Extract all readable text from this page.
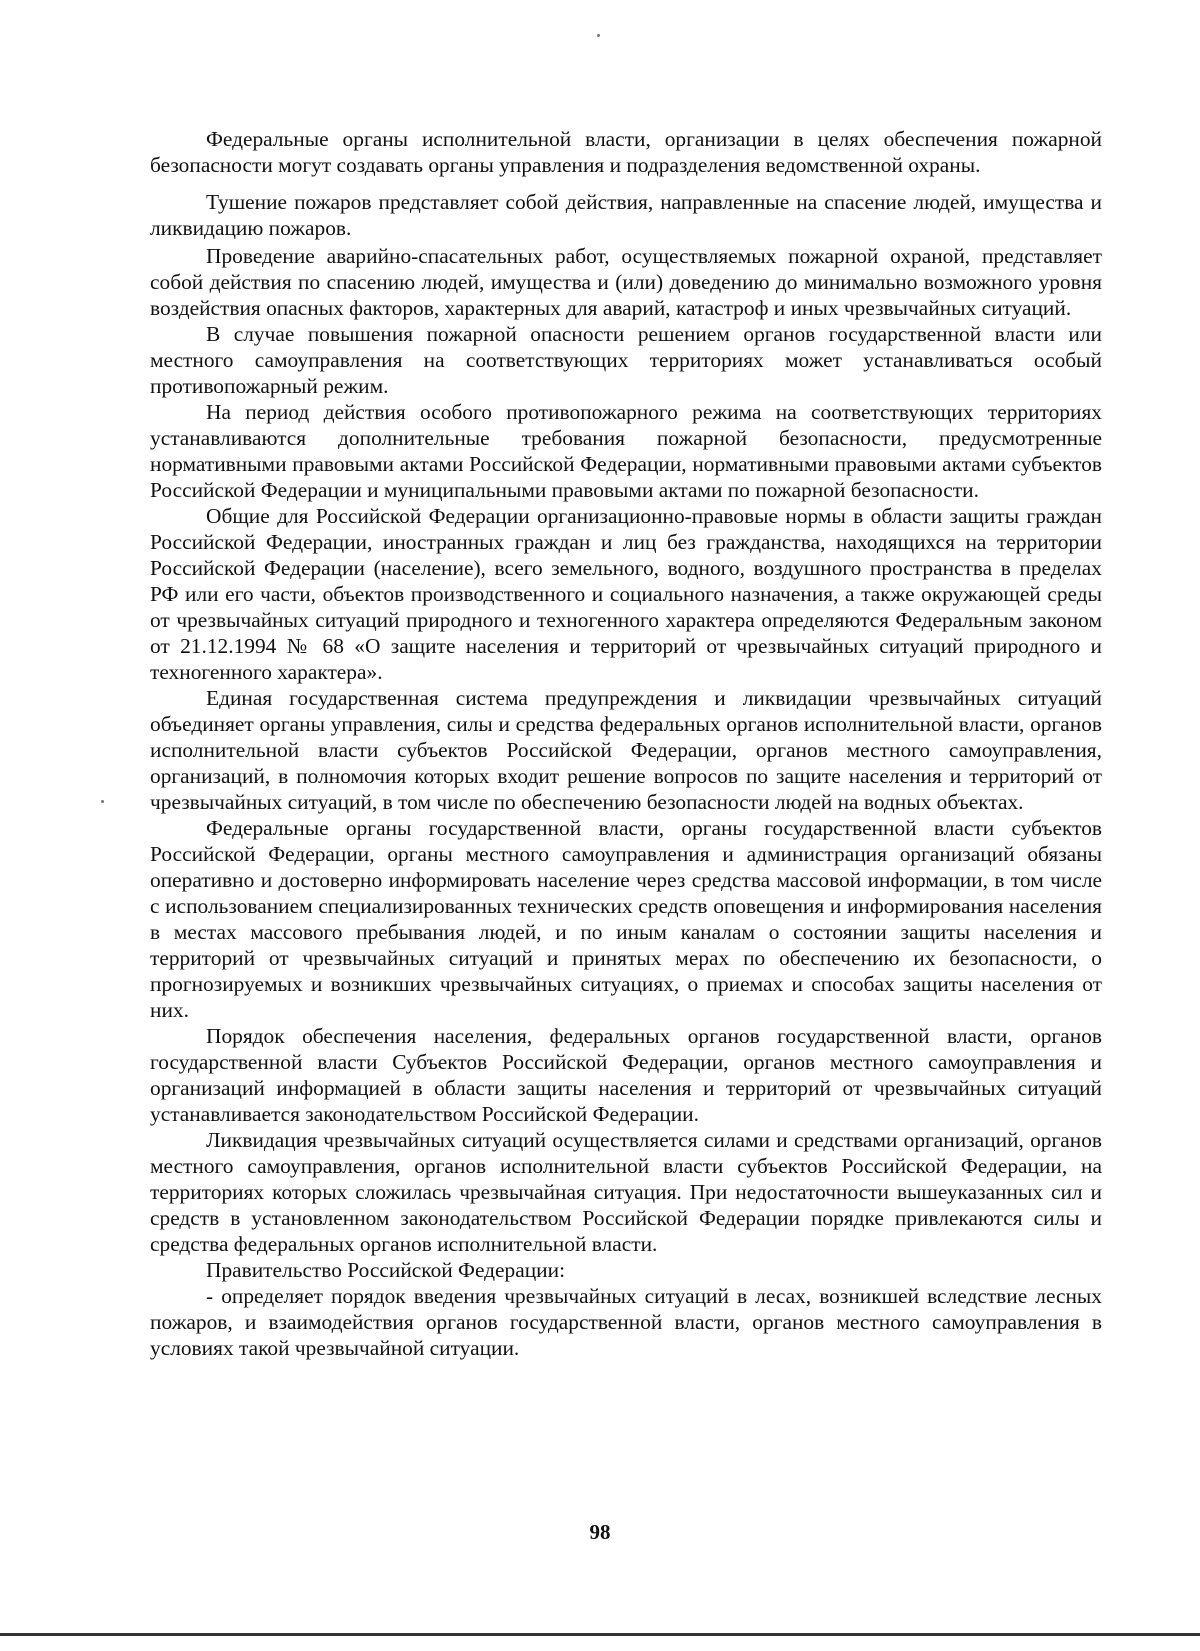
Федеральные органы исполнительной власти, организации в целях обеспечения пожарной безопасности могут создавать органы управления и подразделения ведомственной охраны.

Тушение пожаров представляет собой действия, направленные на спасение людей, имущества и ликвидацию пожаров.

Проведение аварийно-спасательных работ, осуществляемых пожарной охраной, представляет собой действия по спасению людей, имущества и (или) доведению до минимально возможного уровня воздействия опасных факторов, характерных для аварий, катастроф и иных чрезвычайных ситуаций.

В случае повышения пожарной опасности решением органов государственной власти или местного самоуправления на соответствующих территориях может устанавливаться особый противопожарный режим.

На период действия особого противопожарного режима на соответствующих территориях устанавливаются дополнительные требования пожарной безопасности, предусмотренные нормативными правовыми актами Российской Федерации, нормативными правовыми актами субъектов Российской Федерации и муниципальными правовыми актами по пожарной безопасности.

Общие для Российской Федерации организационно-правовые нормы в области защиты граждан Российской Федерации, иностранных граждан и лиц без гражданства, находящихся на территории Российской Федерации (население), всего земельного, водного, воздушного пространства в пределах РФ или его части, объектов производственного и социального назначения, а также окружающей среды от чрезвычайных ситуаций природного и техногенного характера определяются Федеральным законом от 21.12.1994 № 68 «О защите населения и территорий от чрезвычайных ситуаций природного и техногенного характера».

Единая государственная система предупреждения и ликвидации чрезвычайных ситуаций объединяет органы управления, силы и средства федеральных органов исполнительной власти, органов исполнительной власти субъектов Российской Федерации, органов местного самоуправления, организаций, в полномочия которых входит решение вопросов по защите населения и территорий от чрезвычайных ситуаций, в том числе по обеспечению безопасности людей на водных объектах.

Федеральные органы государственной власти, органы государственной власти субъектов Российской Федерации, органы местного самоуправления и администрация организаций обязаны оперативно и достоверно информировать население через средства массовой информации, в том числе с использованием специализированных технических средств оповещения и информирования населения в местах массового пребывания людей, и по иным каналам о состоянии защиты населения и территорий от чрезвычайных ситуаций и принятых мерах по обеспечению их безопасности, о прогнозируемых и возникших чрезвычайных ситуациях, о приемах и способах защиты населения от них.

Порядок обеспечения населения, федеральных органов государственной власти, органов государственной власти Субъектов Российской Федерации, органов местного самоуправления и организаций информацией в области защиты населения и территорий от чрезвычайных ситуаций устанавливается законодательством Российской Федерации.

Ликвидация чрезвычайных ситуаций осуществляется силами и средствами организаций, органов местного самоуправления, органов исполнительной власти субъектов Российской Федерации, на территориях которых сложилась чрезвычайная ситуация. При недостаточности вышеуказанных сил и средств в установленном законодательством Российской Федерации порядке привлекаются силы и средства федеральных органов исполнительной власти.

Правительство Российской Федерации:

- определяет порядок введения чрезвычайных ситуаций в лесах, возникшей вследствие лесных пожаров, и взаимодействия органов государственной власти, органов местного самоуправления в условиях такой чрезвычайной ситуации.

98
